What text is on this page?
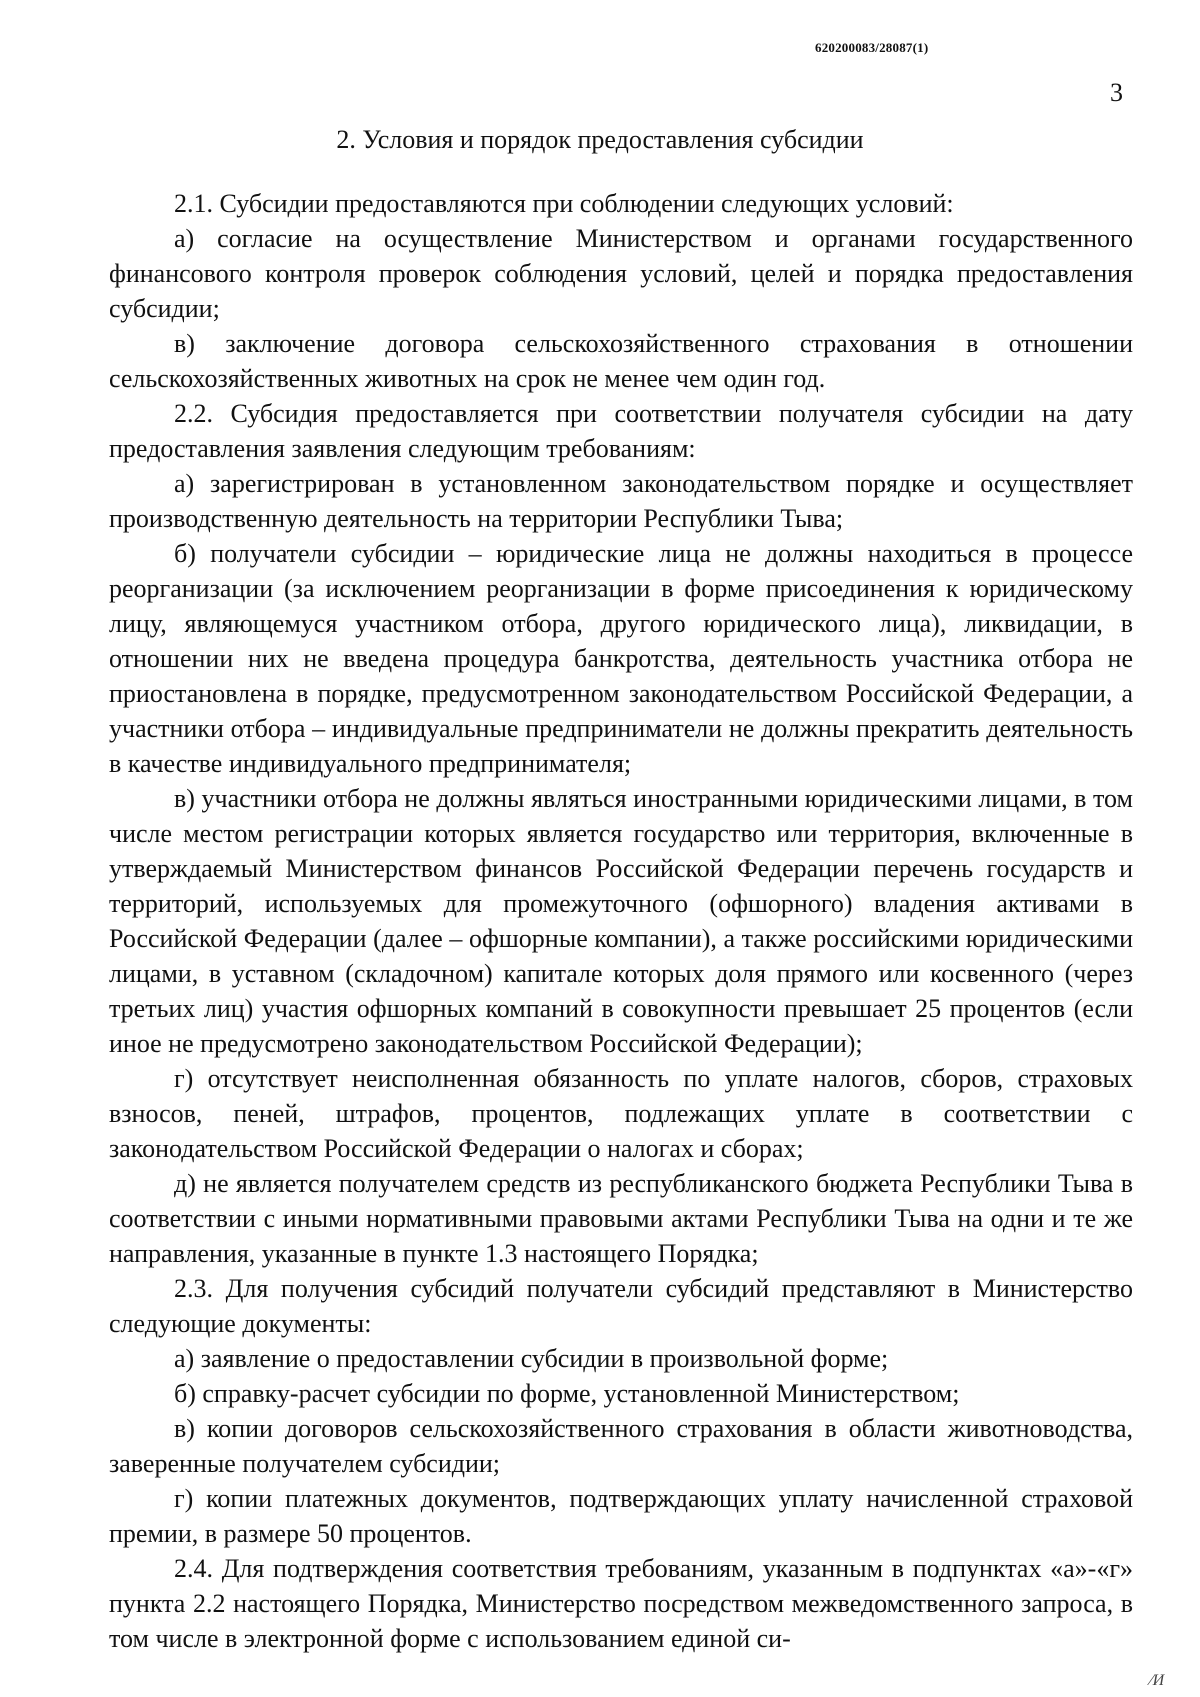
620200083/28087(1)
3
2. Условия и порядок предоставления субсидии

2.1. Субсидии предоставляются при соблюдении следующих условий:

а) согласие на осуществление Министерством и органами государственного финансового контроля проверок соблюдения условий, целей и порядка предоставления субсидии;

в) заключение договора сельскохозяйственного страхования в отношении сельскохозяйственных животных на срок не менее чем один год.

2.2. Субсидия предоставляется при соответствии получателя субсидии на дату предоставления заявления следующим требованиям:

а) зарегистрирован в установленном законодательством порядке и осуществляет производственную деятельность на территории Республики Тыва;

б) получатели субсидии – юридические лица не должны находиться в процессе реорганизации (за исключением реорганизации в форме присоединения к юридическому лицу, являющемуся участником отбора, другого юридического лица), ликвидации, в отношении них не введена процедура банкротства, деятельность участника отбора не приостановлена в порядке, предусмотренном законодательством Российской Федерации, а участники отбора – индивидуальные предприниматели не должны прекратить деятельность в качестве индивидуального предпринимателя;

в) участники отбора не должны являться иностранными юридическими лицами, в том числе местом регистрации которых является государство или территория, включенные в утверждаемый Министерством финансов Российской Федерации перечень государств и территорий, используемых для промежуточного (офшорного) владения активами в Российской Федерации (далее – офшорные компании), а также российскими юридическими лицами, в уставном (складочном) капитале которых доля прямого или косвенного (через третьих лиц) участия офшорных компаний в совокупности превышает 25 процентов (если иное не предусмотрено законодательством Российской Федерации);

г) отсутствует неисполненная обязанность по уплате налогов, сборов, страховых взносов, пеней, штрафов, процентов, подлежащих уплате в соответствии с законодательством Российской Федерации о налогах и сборах;

д) не является получателем средств из республиканского бюджета Республики Тыва в соответствии с иными нормативными правовыми актами Республики Тыва на одни и те же направления, указанные в пункте 1.3 настоящего Порядка;

2.3. Для получения субсидий получатели субсидий представляют в Министерство следующие документы:

а) заявление о предоставлении субсидии в произвольной форме;

б) справку-расчет субсидии по форме, установленной Министерством;

в) копии договоров сельскохозяйственного страхования в области животноводства, заверенные получателем субсидии;

г) копии платежных документов, подтверждающих уплату начисленной страховой премии, в размере 50 процентов.

2.4. Для подтверждения соответствия требованиям, указанным в подпунктах «а»-«г» пункта 2.2 настоящего Порядка, Министерство посредством межведомственного запроса, в том числе в электронной форме с использованием единой си-

∕И
